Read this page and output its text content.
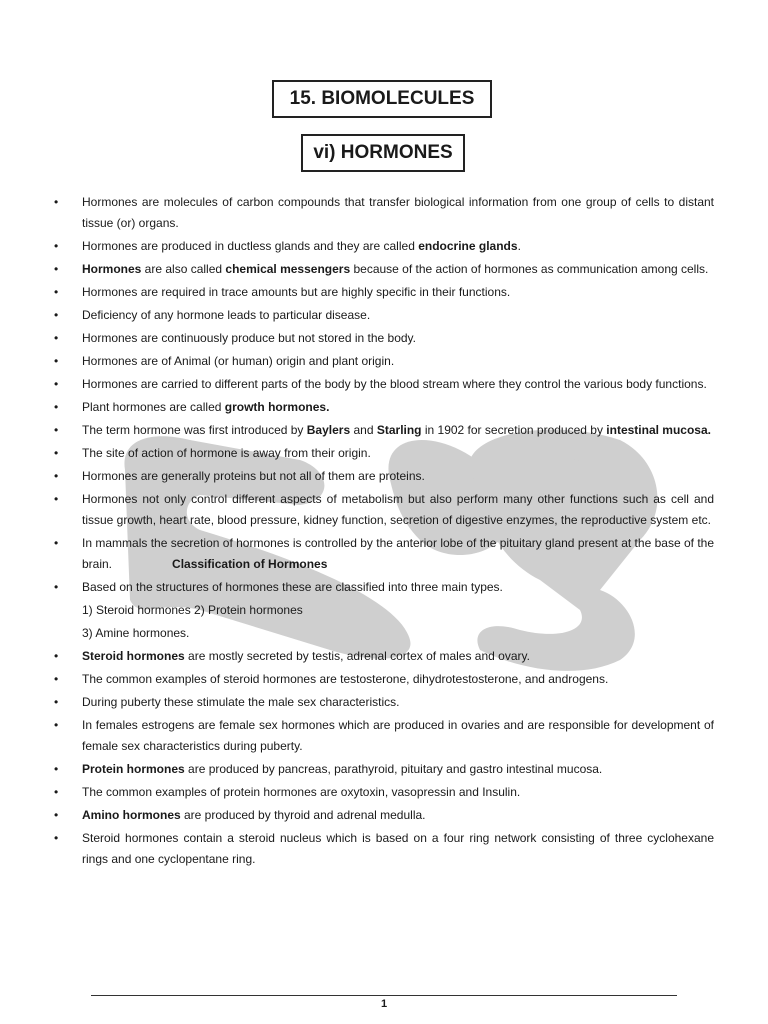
15. BIOMOLECULES
vi) HORMONES
• Hormones are molecules of carbon compounds that transfer biological information from one group of cells to distant tissue (or) organs.
• Hormones are produced in ductless glands and they are called endocrine glands.
• Hormones are also called chemical messengers because of the action of hormones as communication among cells.
• Hormones are required in trace amounts but are highly specific in their functions.
• Deficiency of any hormone leads to particular disease.
• Hormones are continuously produce but not stored in the body.
• Hormones are of Animal (or human) origin and plant origin.
• Hormones are carried to different parts of the body by the blood stream where they control the various body functions.
• Plant hormones are called growth hormones.
• The term hormone was first introduced by Baylers and Starling in 1902 for secretion produced by intestinal mucosa.
• The site of action of hormone is away from their origin.
• Hormones are generally proteins but not all of them are proteins.
• Hormones not only control different aspects of metabolism but also perform many other functions such as cell and tissue growth, heart rate, blood pressure, kidney function, secretion of digestive enzymes, the reproductive system etc.
• In mammals the secretion of hormones is controlled by the anterior lobe of the pituitary gland present at the base of the brain.	Classification of Hormones
• Based on the structures of hormones these are classified into three main types.
1) Steroid hormones 2) Protein hormones
3) Amine hormones.
• Steroid hormones are mostly secreted by testis, adrenal cortex of males and ovary.
• The common examples of steroid hormones are testosterone, dihydrotestosterone, and androgens.
• During puberty these stimulate the male sex characteristics.
• In females estrogens are female sex hormones which are produced in ovaries and are responsible for development of female sex characteristics during puberty.
• Protein hormones are produced by pancreas, parathyroid, pituitary and gastro intestinal mucosa.
• The common examples of protein hormones are oxytoxin, vasopressin and Insulin.
• Amino hormones are produced by thyroid and adrenal medulla.
• Steroid hormones contain a steroid nucleus which is based on a four ring network consisting of three cyclohexane rings and one cyclopentane ring.
1
